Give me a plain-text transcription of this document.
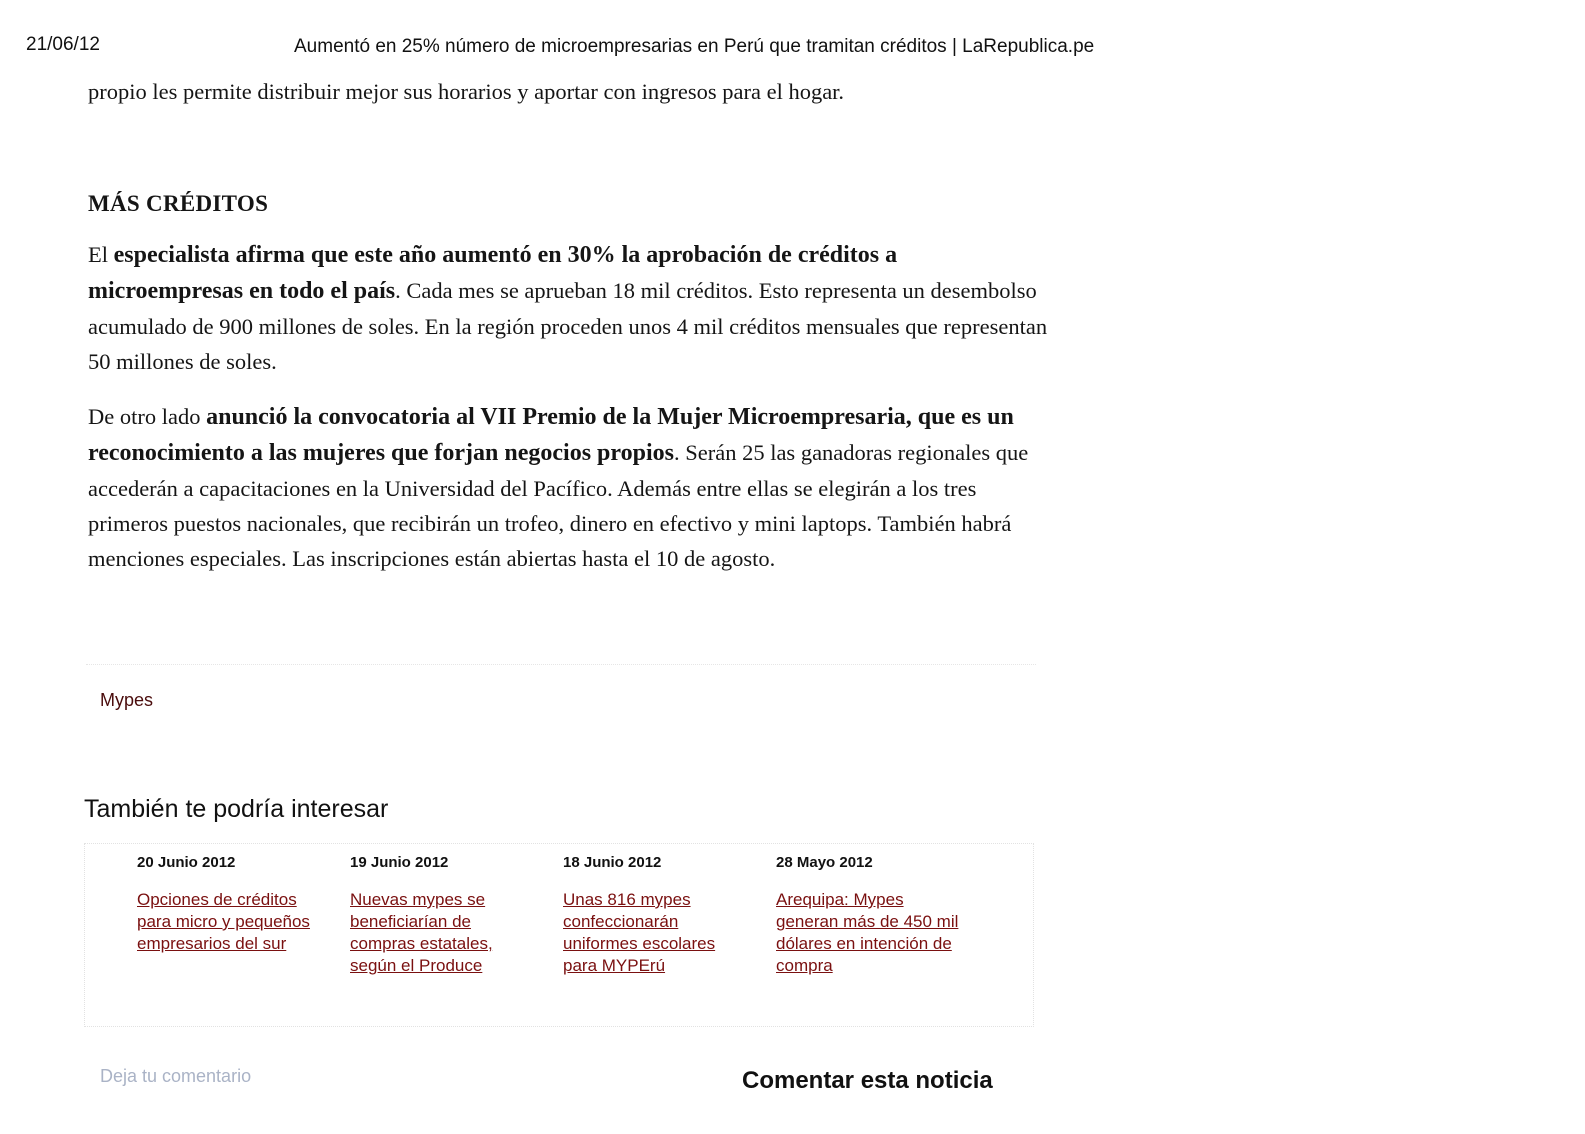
21/06/12	Aumentó en 25% número de microempresarias en Perú que tramitan créditos | LaRepublica.pe

propio les permite distribuir mejor sus horarios y aportar con ingresos para el hogar.

MÁS CRÉDITOS

El especialista afirma que este año aumentó en 30% la aprobación de créditos a microempresas en todo el país. Cada mes se aprueban 18 mil créditos. Esto representa un desembolso acumulado de 900 millones de soles. En la región proceden unos 4 mil créditos mensuales que representan 50 millones de soles.

De otro lado anunció la convocatoria al VII Premio de la Mujer Microempresaria, que es un reconocimiento a las mujeres que forjan negocios propios. Serán 25 las ganadoras regionales que accederán a capacitaciones en la Universidad del Pacífico. Además entre ellas se elegirán a los tres primeros puestos nacionales, que recibirán un trofeo, dinero en efectivo y mini laptops. También habrá menciones especiales. Las inscripciones están abiertas hasta el 10 de agosto.

Mypes
También te podría interesar
20 Junio 2012
Opciones de créditos para micro y pequeños empresarios del sur
19 Junio 2012
Nuevas mypes se beneficiarían de compras estatales, según el Produce
18 Junio 2012
Unas 816 mypes confeccionarán uniformes escolares para MYPErú
28 Mayo 2012
Arequipa: Mypes generan más de 450 mil dólares en intención de compra
Deja tu comentario
Comentar esta noticia
